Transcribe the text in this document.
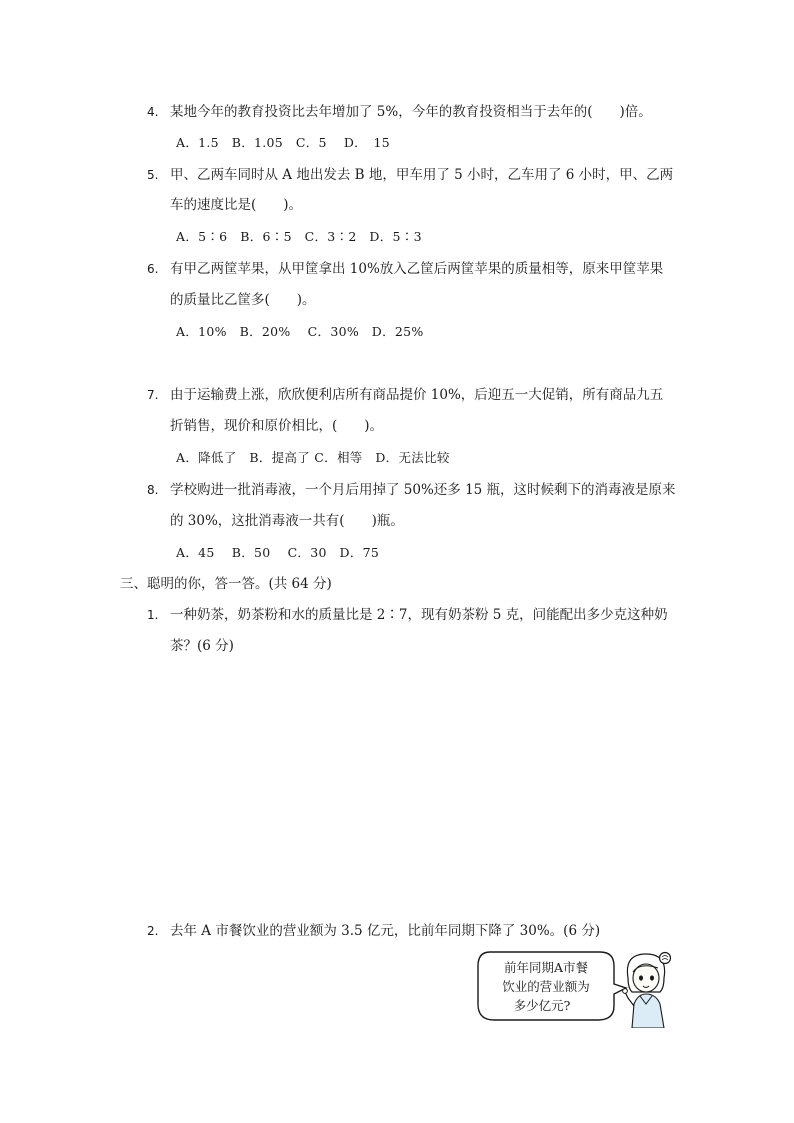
4. 某地今年的教育投资比去年增加了 5%，今年的教育投资相当于去年的(　　)倍。
A．1.5　B．1.05　C．5　 D．　15
5. 甲、乙两车同时从 A 地出发去 B 地，甲车用了 5 小时，乙车用了 6 小时，甲、乙两
车的速度比是(　　)。
A．5∶6　B．6∶5　C．3∶2　D．5∶3
6. 有甲乙两筐苹果，从甲筐拿出 10%放入乙筐后两筐苹果的质量相等，原来甲筐苹果
的质量比乙筐多(　　)。
A．10%　B．20%　 C．30%　D．25%
7. 由于运输费上涨，欣欣便利店所有商品提价 10%，后迎五一大促销，所有商品九五
折销售，现价和原价相比，(　　)。
A．降低了　B．提高了 C．相等　D．无法比较
8. 学校购进一批消毒液，一个月后用掉了 50%还多 15 瓶，这时候剩下的消毒液是原来
的 30%，这批消毒液一共有(　　)瓶。
A．45　 B．50　 C．30　D．75
三、聪明的你，答一答。(共 64 分)
1. 一种奶茶，奶茶粉和水的质量比是 2∶7，现有奶茶粉 5 克，问能配出多少克这种奶
茶？(6 分)
2. 去年 A 市餐饮业的营业额为 3.5 亿元，比前年同期下降了 30%。(6 分)
前年同期A市餐
饮业的营业额为
多少亿元?
